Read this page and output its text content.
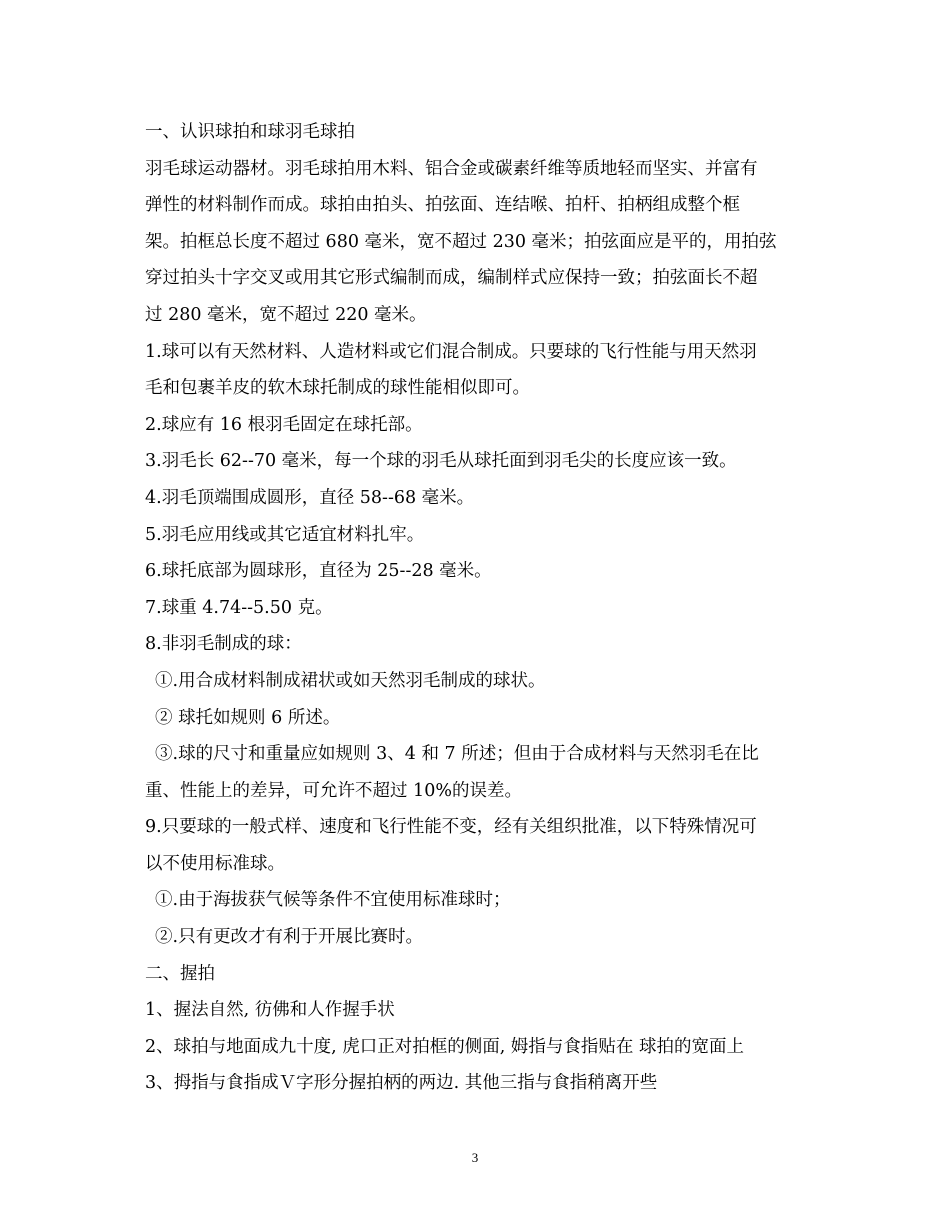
一、认识球拍和球羽毛球拍
羽毛球运动器材。羽毛球拍用木料、铝合金或碳素纤维等质地轻而坚实、并富有
弹性的材料制作而成。球拍由拍头、拍弦面、连结喉、拍杆、拍柄组成整个框
架。拍框总长度不超过 680 毫米，宽不超过 230 毫米；拍弦面应是平的，用拍弦
穿过拍头十字交叉或用其它形式编制而成，编制样式应保持一致；拍弦面长不超
过 280 毫米，宽不超过 220 毫米。
1.球可以有天然材料、人造材料或它们混合制成。只要球的飞行性能与用天然羽
毛和包裹羊皮的软木球托制成的球性能相似即可。
2.球应有 16 根羽毛固定在球托部。
3.羽毛长 62--70 毫米，每一个球的羽毛从球托面到羽毛尖的长度应该一致。
4.羽毛顶端围成圆形，直径 58--68 毫米。
5.羽毛应用线或其它适宜材料扎牢。
6.球托底部为圆球形，直径为 25--28 毫米。
7.球重 4.74--5.50 克。
8.非羽毛制成的球：
①.用合成材料制成裙状或如天然羽毛制成的球状。
② 球托如规则 6 所述。
③.球的尺寸和重量应如规则 3、4 和 7 所述；但由于合成材料与天然羽毛在比
重、性能上的差异，可允许不超过 10%的误差。
9.只要球的一般式样、速度和飞行性能不变，经有关组织批准，以下特殊情况可
以不使用标准球。
①.由于海拔获气候等条件不宜使用标准球时；
②.只有更改才有利于开展比赛时。
二、握拍
1、握法自然, 彷佛和人作握手状
2、球拍与地面成九十度, 虎口正对拍框的侧面, 姆指与食指贴在 球拍的宽面上
3、拇指与食指成Ｖ字形分握拍柄的两边. 其他三指与食指稍离开些
3
